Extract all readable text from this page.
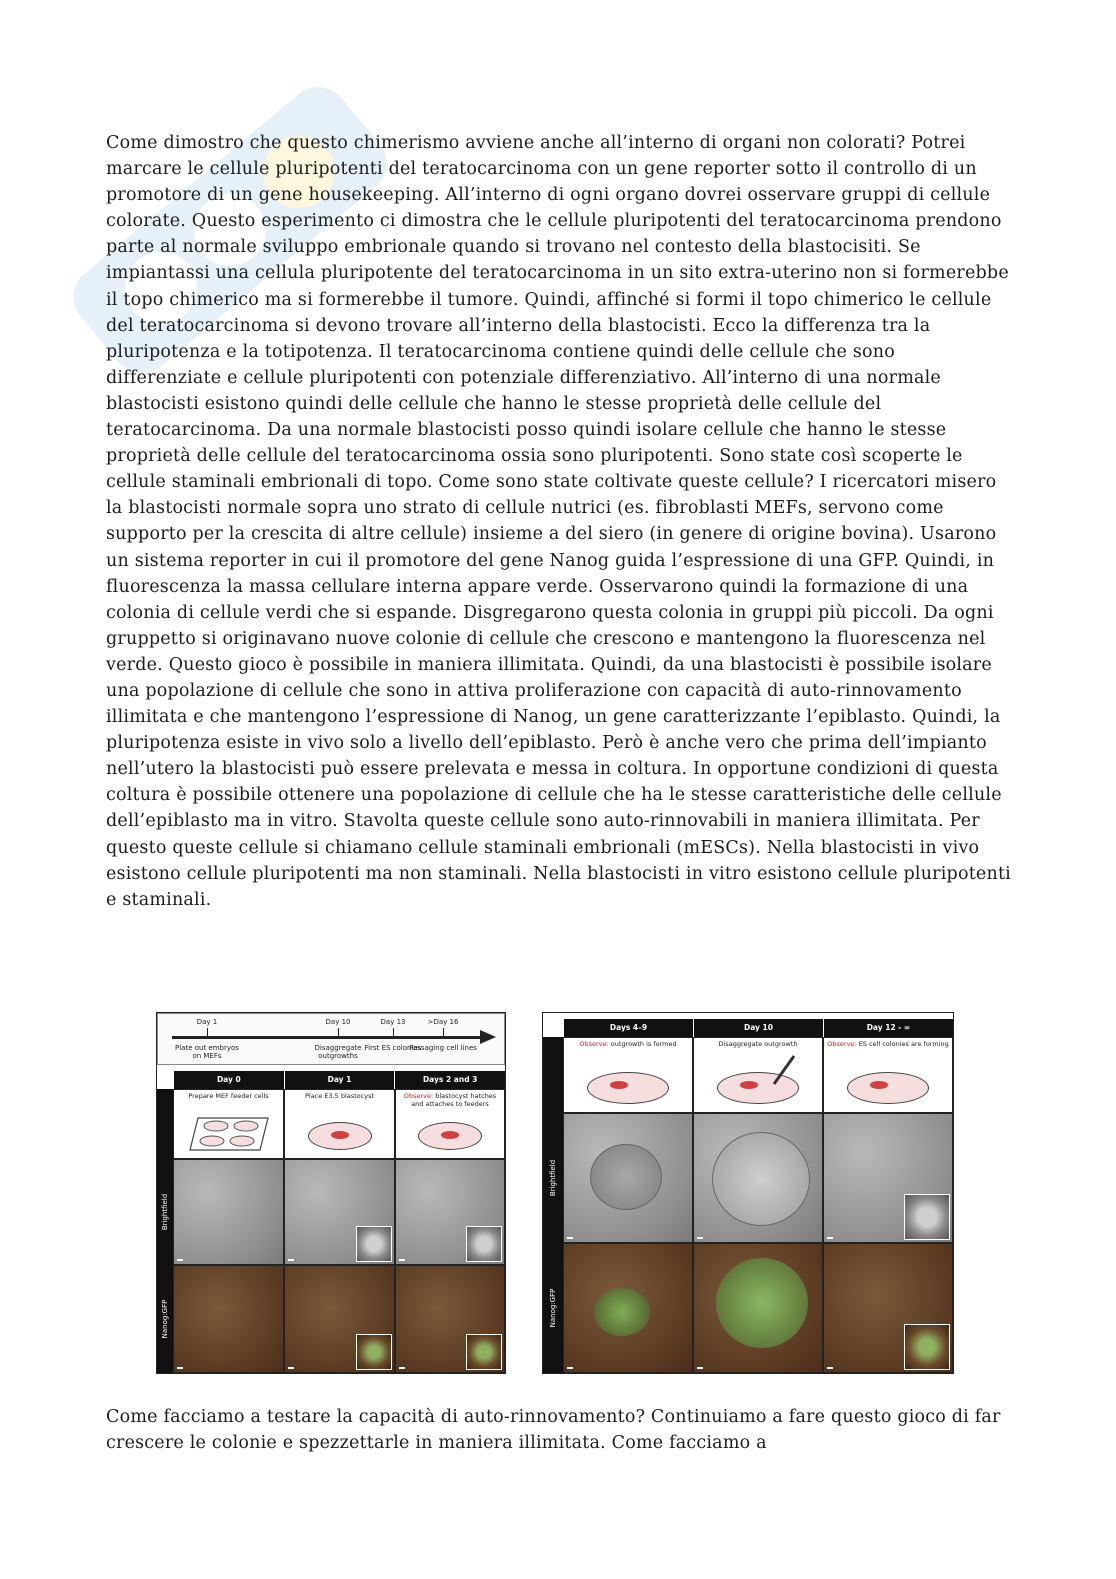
Come dimostro che questo chimerismo avviene anche all’interno di organi non colorati? Potrei marcare le cellule pluripotenti del teratocarcinoma con un gene reporter sotto il controllo di un promotore di un gene housekeeping. All’interno di ogni organo dovrei osservare gruppi di cellule colorate. Questo esperimento ci dimostra che le cellule pluripotenti del teratocarcinoma prendono parte al normale sviluppo embrionale quando si trovano nel contesto della blastocisiti. Se impiantassi una cellula pluripotente del teratocarcinoma in un sito extra-uterino non si formerebbe il topo chimerico ma si formerebbe il tumore. Quindi, affinché si formi il topo chimerico le cellule del teratocarcinoma si devono trovare all’interno della blastocisti. Ecco la differenza tra la pluripotenza e la totipotenza. Il teratocarcinoma contiene quindi delle cellule che sono differenziate e cellule pluripotenti con potenziale differenziativo. All’interno di una normale blastocisti esistono quindi delle cellule che hanno le stesse proprietà delle cellule del teratocarcinoma. Da una normale blastocisti posso quindi isolare cellule che hanno le stesse proprietà delle cellule del teratocarcinoma ossia sono pluripotenti. Sono state così scoperte le cellule staminali embrionali di topo. Come sono state coltivate queste cellule? I ricercatori misero la blastocisti normale sopra uno strato di cellule nutrici (es. fibroblasti MEFs, servono come supporto per la crescita di altre cellule) insieme a del siero (in genere di origine bovina). Usarono un sistema reporter in cui il promotore del gene Nanog guida l’espressione di una GFP. Quindi, in fluorescenza la massa cellulare interna appare verde. Osservarono quindi la formazione di una colonia di cellule verdi che si espande. Disgregarono questa colonia in gruppi più piccoli. Da ogni gruppetto si originavano nuove colonie di cellule che crescono e mantengono la fluorescenza nel verde. Questo gioco è possibile in maniera illimitata. Quindi, da una blastocisti è possibile isolare una popolazione di cellule che sono in attiva proliferazione con capacità di auto-rinnovamento illimitata e che mantengono l’espressione di Nanog, un gene caratterizzante l’epiblasto. Quindi, la pluripotenza esiste in vivo solo a livello dell’epiblasto. Però è anche vero che prima dell’impianto nell’utero la blastocisti può essere prelevata e messa in coltura. In opportune condizioni di questa coltura è possibile ottenere una popolazione di cellule che ha le stesse caratteristiche delle cellule dell’epiblasto ma in vitro. Stavolta queste cellule sono auto-rinnovabili in maniera illimitata. Per questo queste cellule si chiamano cellule staminali embrionali (mESCs). Nella blastocisti in vivo esistono cellule pluripotenti ma non staminali. Nella blastocisti in vitro esistono cellule pluripotenti e staminali.

Day 1
Plate out embryos on MEFs
Day 10
Disaggregate outgrowths
Day 13
First ES colonies
>Day 16
Passaging cell lines
Day 0	Day 1	Days 2 and 3
Brightfield
Nanog:GFP
Prepare MEF feeder cells	Place E3.5 blastocyst	Observe: blastocyst hatches and attaches to feeders
Days 4–9	Day 10	Day 12 - ∞
Brightfield
Nanog:GFP
Observe: outgrowth is formed	Disaggregate outgrowth	Observe: ES cell colonies are forming

Come facciamo a testare la capacità di auto-rinnovamento? Continuiamo a fare questo gioco di far crescere le colonie e spezzettarle in maniera illimitata. Come facciamo a
